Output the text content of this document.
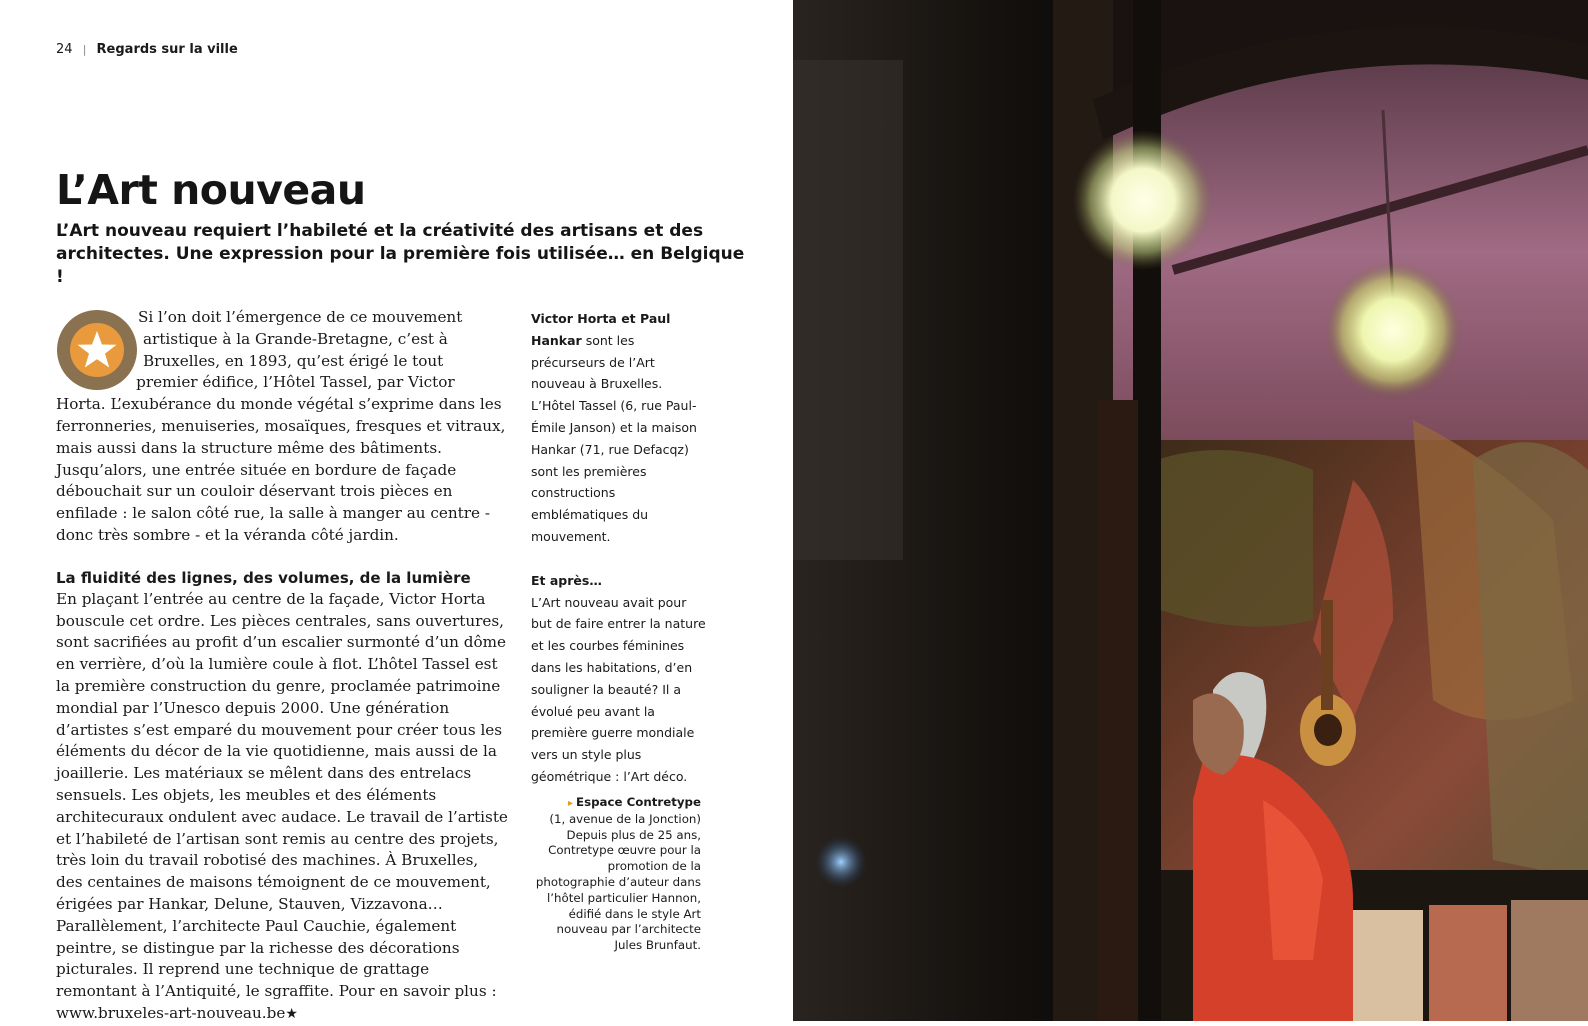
24 | Regards sur la ville
L’Art nouveau

L’Art nouveau requiert l’habileté et la créativité des artisans et des architectes. Une expression pour la première fois utilisée… en Belgique !

Si l’on doit l’émergence de ce mouvement artistique à la Grande-Bretagne, c’est à Bruxelles, en 1893, qu’est érigé le tout premier édifice, l’Hôtel Tassel, par Victor Horta. L’exubérance du monde végétal s’exprime dans les ferronneries, menuiseries, mosaïques, fresques et vitraux, mais aussi dans la structure même des bâtiments. Jusqu’alors, une entrée située en bordure de façade débouchait sur un couloir déservant trois pièces en enfilade : le salon côté rue, la salle à manger au centre - donc très sombre - et la véranda côté jardin.

La fluidité des lignes, des volumes, de la lumière

En plaçant l’entrée au centre de la façade, Victor Horta bouscule cet ordre. Les pièces centrales, sans ouvertures, sont sacrifiées au profit d’un escalier surmonté d’un dôme en verrière, d’où la lumière coule à flot. L’hôtel Tassel est la première construction du genre, proclamée patrimoine mondial par l’Unesco depuis 2000. Une génération d’artistes s’est emparé du mouvement pour créer tous les éléments du décor de la vie quotidienne, mais aussi de la joaillerie. Les matériaux se mêlent dans des entrelacs sensuels. Les objets, les meubles et des éléments architecuraux ondulent avec audace. Le travail de l’artiste et l’habileté de l’artisan sont remis au centre des projets, très loin du travail robotisé des machines. À Bruxelles, des centaines de maisons témoignent de ce mouvement, érigées par Hankar, Delune, Stauven, Vizzavona… Parallèlement, l’architecte Paul Cauchie, également peintre, se distingue par la richesse des décorations picturales. Il reprend une technique de grattage remontant à l’Antiquité, le sgraffite. Pour en savoir plus : www.bruxeles-art-nouveau.be★

Victor Horta et Paul Hankar sont les précurseurs de l’Art nouveau à Bruxelles. L’Hôtel Tassel (6, rue Paul-Émile Janson) et la maison Hankar (71, rue Defacqz) sont les premières constructions emblématiques du mouvement.

Et après…

L’Art nouveau avait pour but de faire entrer la nature et les courbes féminines dans les habitations, d’en souligner la beauté? Il a évolué peu avant la première guerre mondiale vers un style plus géométrique : l’Art déco.

▸ Espace Contretype

(1, avenue de la Jonction) Depuis plus de 25 ans, Contretype œuvre pour la promotion de la photographie d’auteur dans l’hôtel particulier Hannon, édifié dans le style Art nouveau par l’architecte Jules Brunfaut.
